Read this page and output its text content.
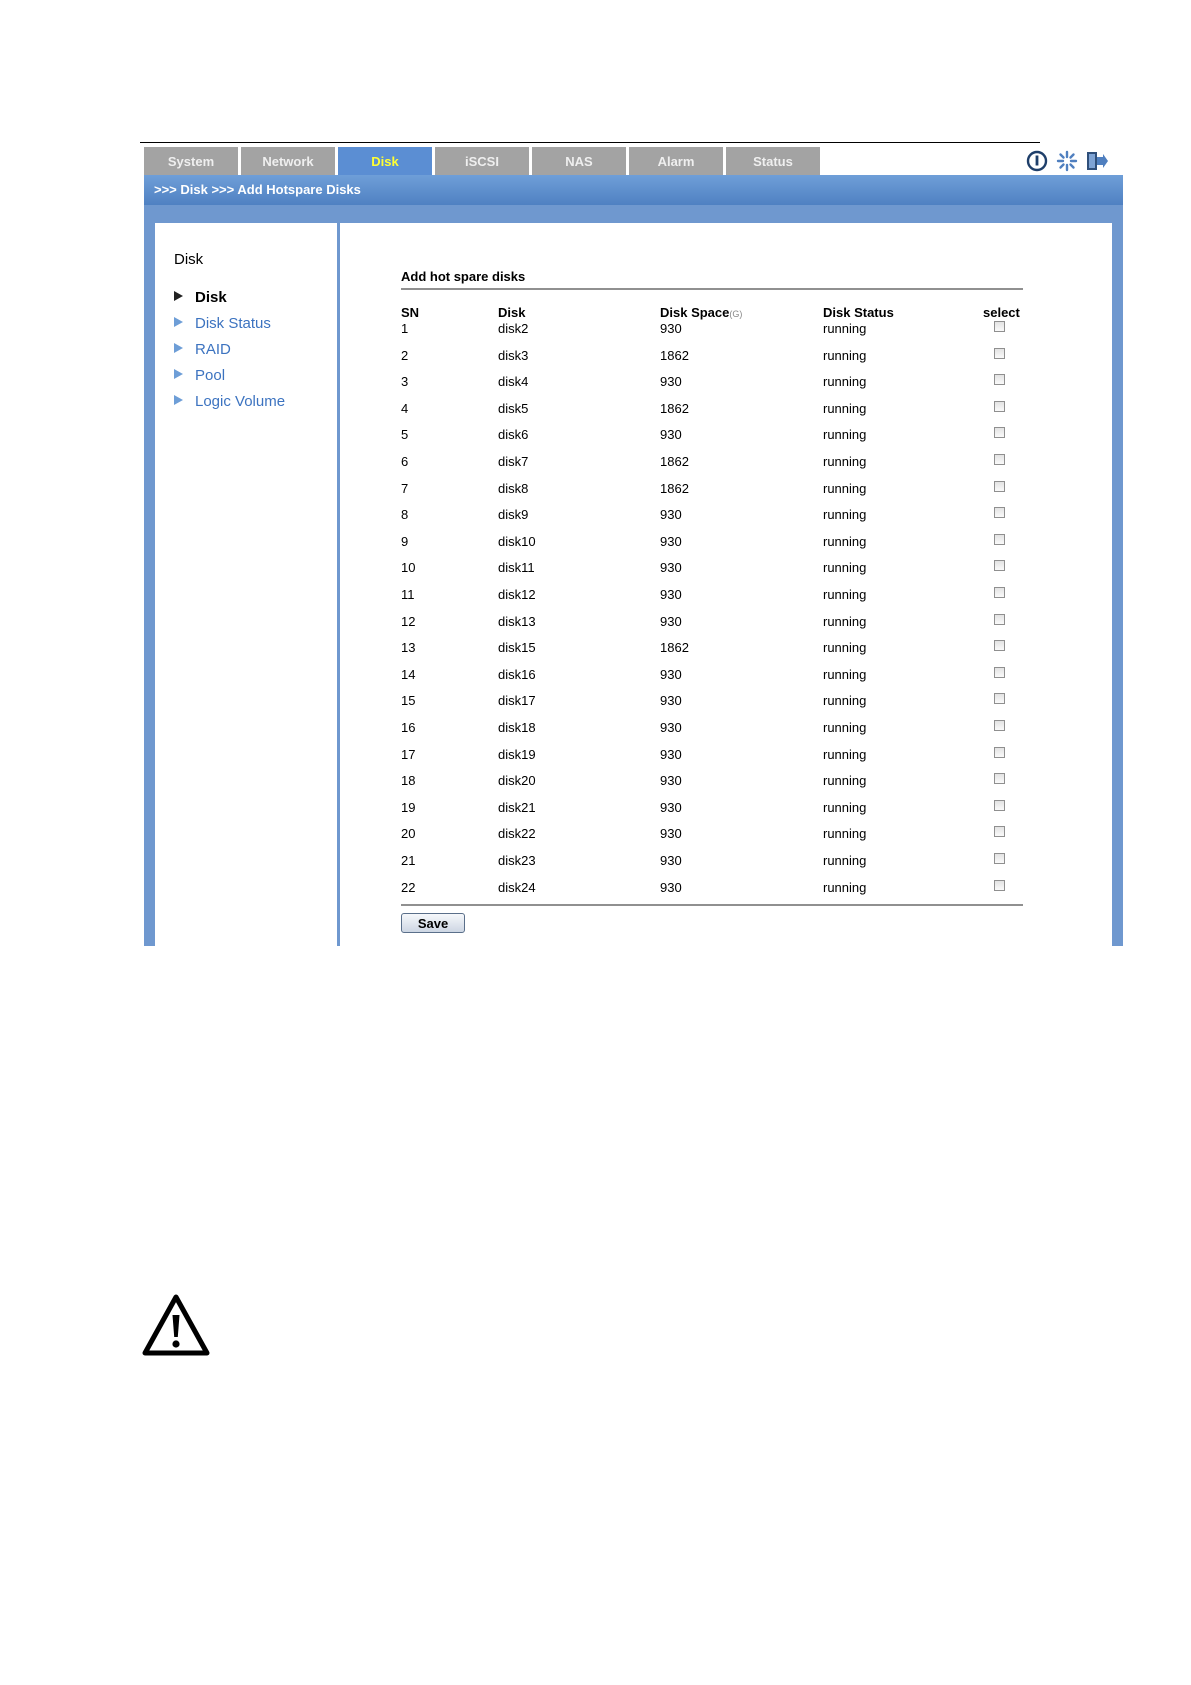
System	Network	Disk	iSCSI	NAS	Alarm	Status
>>> Disk >>> Add Hotspare Disks
Disk
Disk
Disk Status
RAID
Pool
Logic Volume
Add hot spare disks
SN	Disk	Disk Space(G)	Disk Status	select
1	disk2	930	running
2	disk3	1862	running
3	disk4	930	running
4	disk5	1862	running
5	disk6	930	running
6	disk7	1862	running
7	disk8	1862	running
8	disk9	930	running
9	disk10	930	running
10	disk11	930	running
11	disk12	930	running
12	disk13	930	running
13	disk15	1862	running
14	disk16	930	running
15	disk17	930	running
16	disk18	930	running
17	disk19	930	running
18	disk20	930	running
19	disk21	930	running
20	disk22	930	running
21	disk23	930	running
22	disk24	930	running
Save
